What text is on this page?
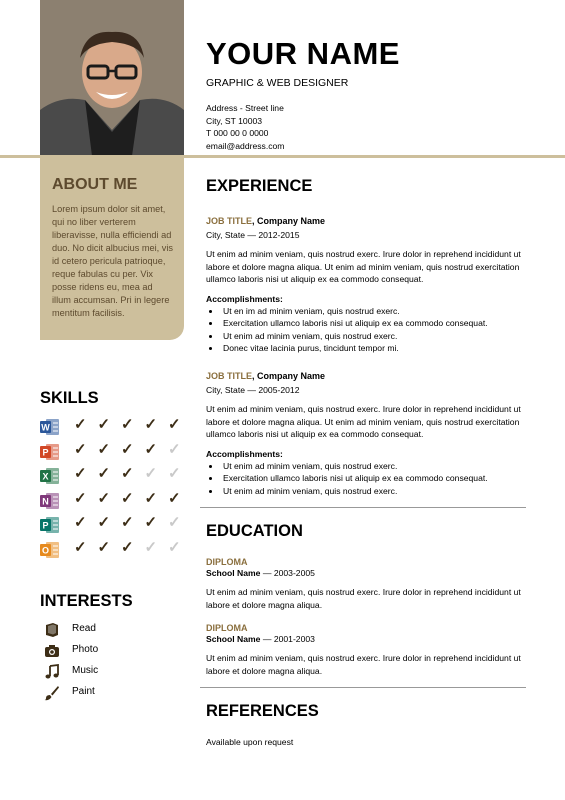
YOUR NAME

GRAPHIC & WEB DESIGNER

Address - Street line
City, ST 10003
T 000 00 0 0000
email@address.com
ABOUT ME
Lorem ipsum dolor sit amet, qui no liber verterem liberavisse, nulla efficiendi ad duo. No dicit albucius mei, vis id cetero pericula patrioque, reque fabulas cu per. Vix posse ridens eu, mea ad illum accumsan. Pri in legere mentitum facilisis.
SKILLS
W ✓ ✓ ✓ ✓ ✓
P ✓ ✓ ✓ ✓ ✓
X ✓ ✓ ✓ ✓ ✓
N ✓ ✓ ✓ ✓ ✓
P ✓ ✓ ✓ ✓ ✓
O ✓ ✓ ✓ ✓ ✓
INTERESTS
Read
Photo
Music
Paint
EXPERIENCE
JOB TITLE, Company Name
City, State — 2012-2015
Ut enim ad minim veniam, quis nostrud exerc. Irure dolor in reprehend incididunt ut labore et dolore magna aliqua. Ut enim ad minim veniam, quis nostrud exercitation ullamco laboris nisi ut aliquip ex ea commodo consequat.
Accomplishments:
• Ut en im ad minim veniam, quis nostrud exerc.
• Exercitation ullamco laboris nisi ut aliquip ex ea commodo consequat.
• Ut enim ad minim veniam, quis nostrud exerc.
• Donec vitae lacinia purus, tincidunt tempor mi.
JOB TITLE, Company Name
City, State — 2005-2012
Ut enim ad minim veniam, quis nostrud exerc. Irure dolor in reprehend incididunt ut labore et dolore magna aliqua. Ut enim ad minim veniam, quis nostrud exercitation ullamco laboris nisi ut aliquip ex ea commodo consequat.
Accomplishments:
• Ut enim ad minim veniam, quis nostrud exerc.
• Exercitation ullamco laboris nisi ut aliquip ex ea commodo consequat.
• Ut enim ad minim veniam, quis nostrud exerc.
EDUCATION
DIPLOMA
School Name — 2003-2005
Ut enim ad minim veniam, quis nostrud exerc. Irure dolor in reprehend incididunt ut labore et dolore magna aliqua.
DIPLOMA
School Name — 2001-2003
Ut enim ad minim veniam, quis nostrud exerc. Irure dolor in reprehend incididunt ut labore et dolore magna aliqua.
REFERENCES
Available upon request
